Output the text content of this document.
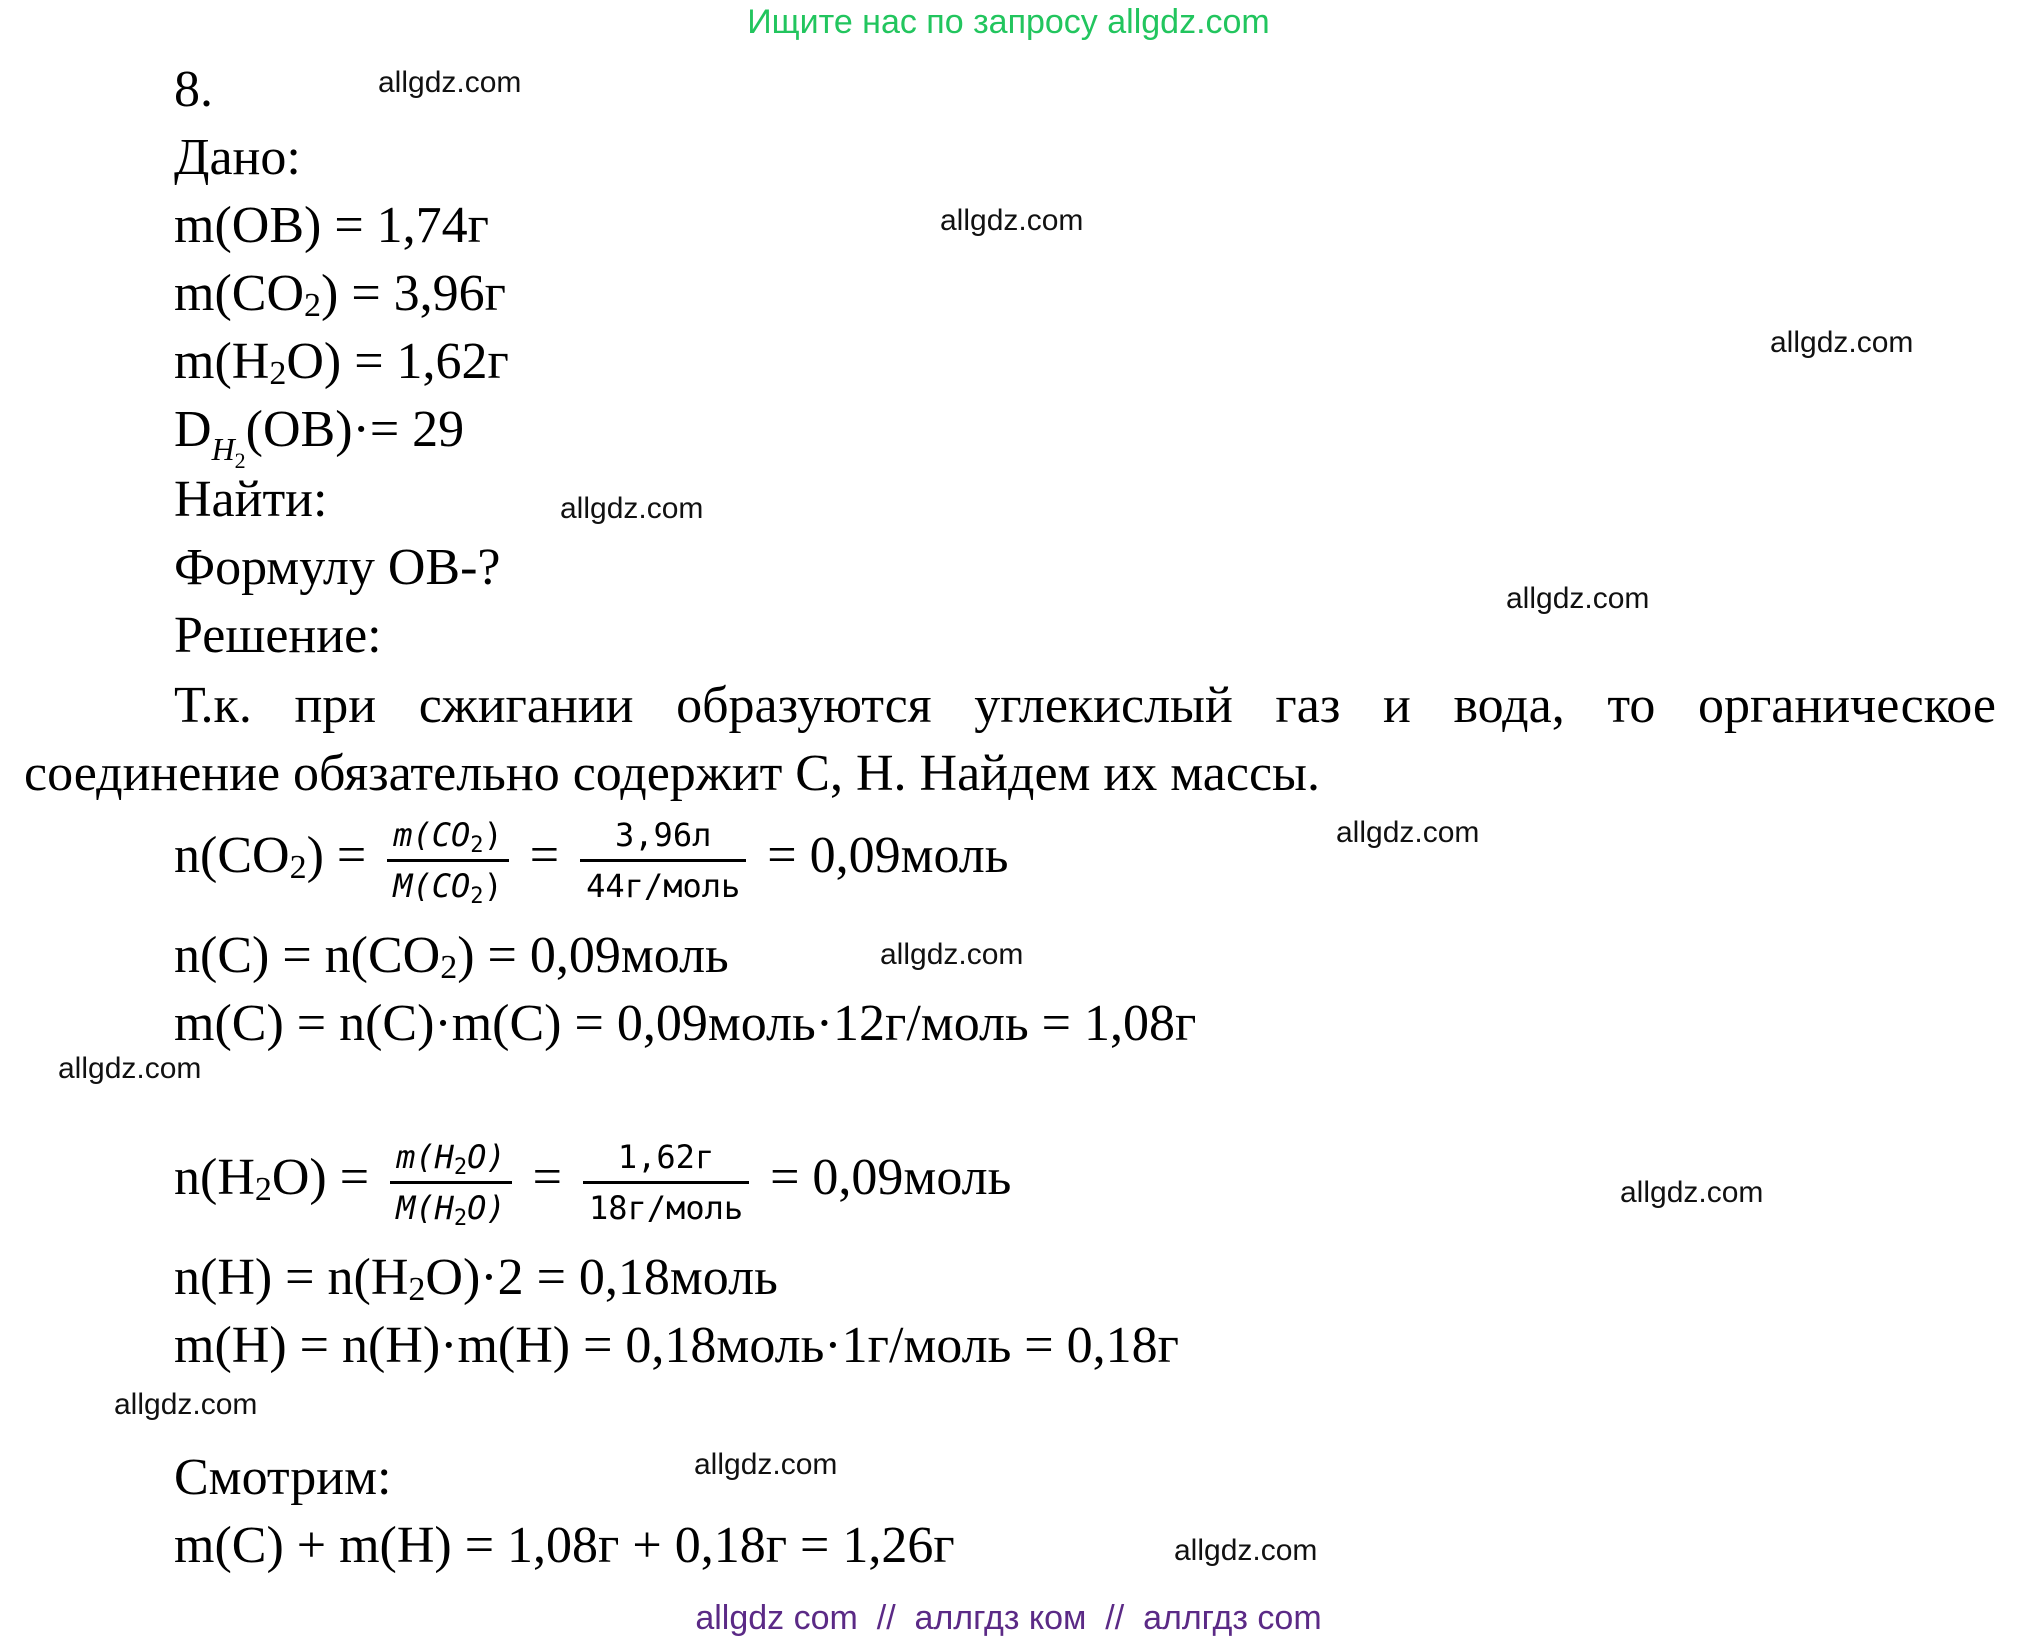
Ищите нас по запросу allgdz.com
8.
Дано:
m(OB) = 1,74г
$m(CO_2) = 3,96г$
$m(H_2O) = 1,62г$
$D_{H_2}(OB)\cdot= 29$
Найти:
Формулу ОВ-?
Решение:
Т.к. при сжигании образуются углекислый газ и вода, то органическое соединение обязательно содержит С, Н. Найдем их массы.
$n(CO_2) = \frac{m(CO_2)}{M(CO_2)} = \frac{3,96л}{\text{44г/моль}}$ = 0,09моль
$n(C) = n(CO_2)$ = 0,09моль
m(C) = n(C)·m(C) = 0,09моль·12г/моль = 1,08г
$n(H_2O) = \frac{m(H_2O)}{M(H_2O)} = \frac{1,62г}{\text{18г/моль}}$ = 0,09моль
$n(H) = n(H_2O)\cdot 2$ = 0,18моль
m(H) = n(H)·m(H) = 0,18моль·1г/моль = 0,18г
Смотрим:
m(C) + m(H) = 1,08г + 0,18г = 1,26г
allgdz.com
allgdz.com
allgdz.com
allgdz.com
allgdz.com
allgdz.com
allgdz.com
allgdz.com
allgdz.com
allgdz.com
allgdz.com
allgdz.com
allgdz com  //  аллгдз ком  //  аллгдз com
